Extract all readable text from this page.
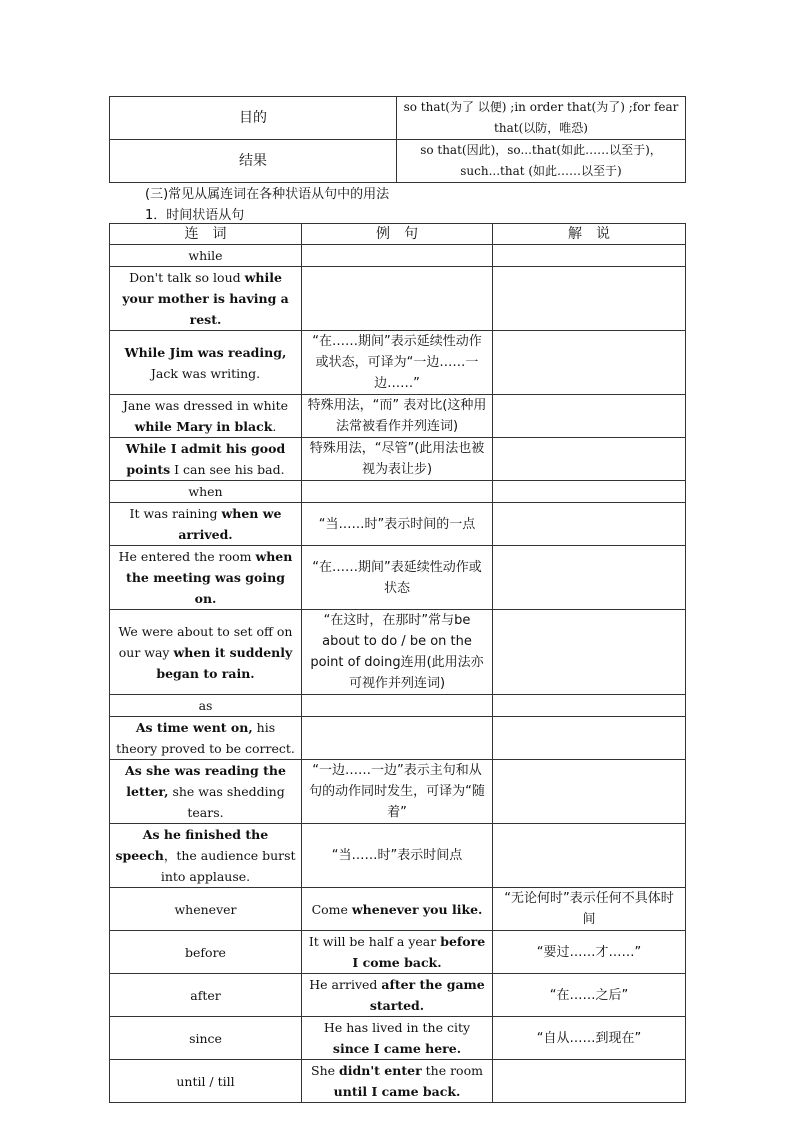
目的	so that(为了 以便) ;in order that(为了) ;for fear that(以防，唯恐)
结果	so that(因此)，so...that(如此……以至于)，such...that (如此……以至于)
(三)常见从属连词在各种状语从句中的用法
1．时间状语从句
连　词	例　句	解　说
while		
Don't talk so loud while your mother is having a rest.		
While Jim was reading, Jack was writing.	“在……期间”表示延续性动作或状态，可译为“一边……一边……”	
Jane was dressed in white while Mary in black.	特殊用法，“而” 表对比(这种用法常被看作并列连词)	
While I admit his good points I can see his bad.	特殊用法，“尽管”(此用法也被视为表让步)	
when		
It was raining when we arrived.	“当……时”表示时间的一点	
He entered the room when the meeting was going on.	“在……期间”表延续性动作或状态	
We were about to set off on our way when it suddenly began to rain.	“在这时，在那时”常与be about to do / be on the point of doing连用(此用法亦可视作并列连词)	
as		
As time went on, his theory proved to be correct.		
As she was reading the letter, she was shedding tears.	“一边……一边”表示主句和从句的动作同时发生，可译为“随着”	
As he finished the speech，the audience burst into applause.	“当……时”表示时间点	
whenever	Come whenever you like.	“无论何时”表示任何不具体时间
before	It will be half a year before I come back.	“要过……才……”
after	He arrived after the game started.	“在……之后”
since	He has lived in the city since I came here.	“自从……到现在”
until / till	She didn't enter the room until I came back.	
